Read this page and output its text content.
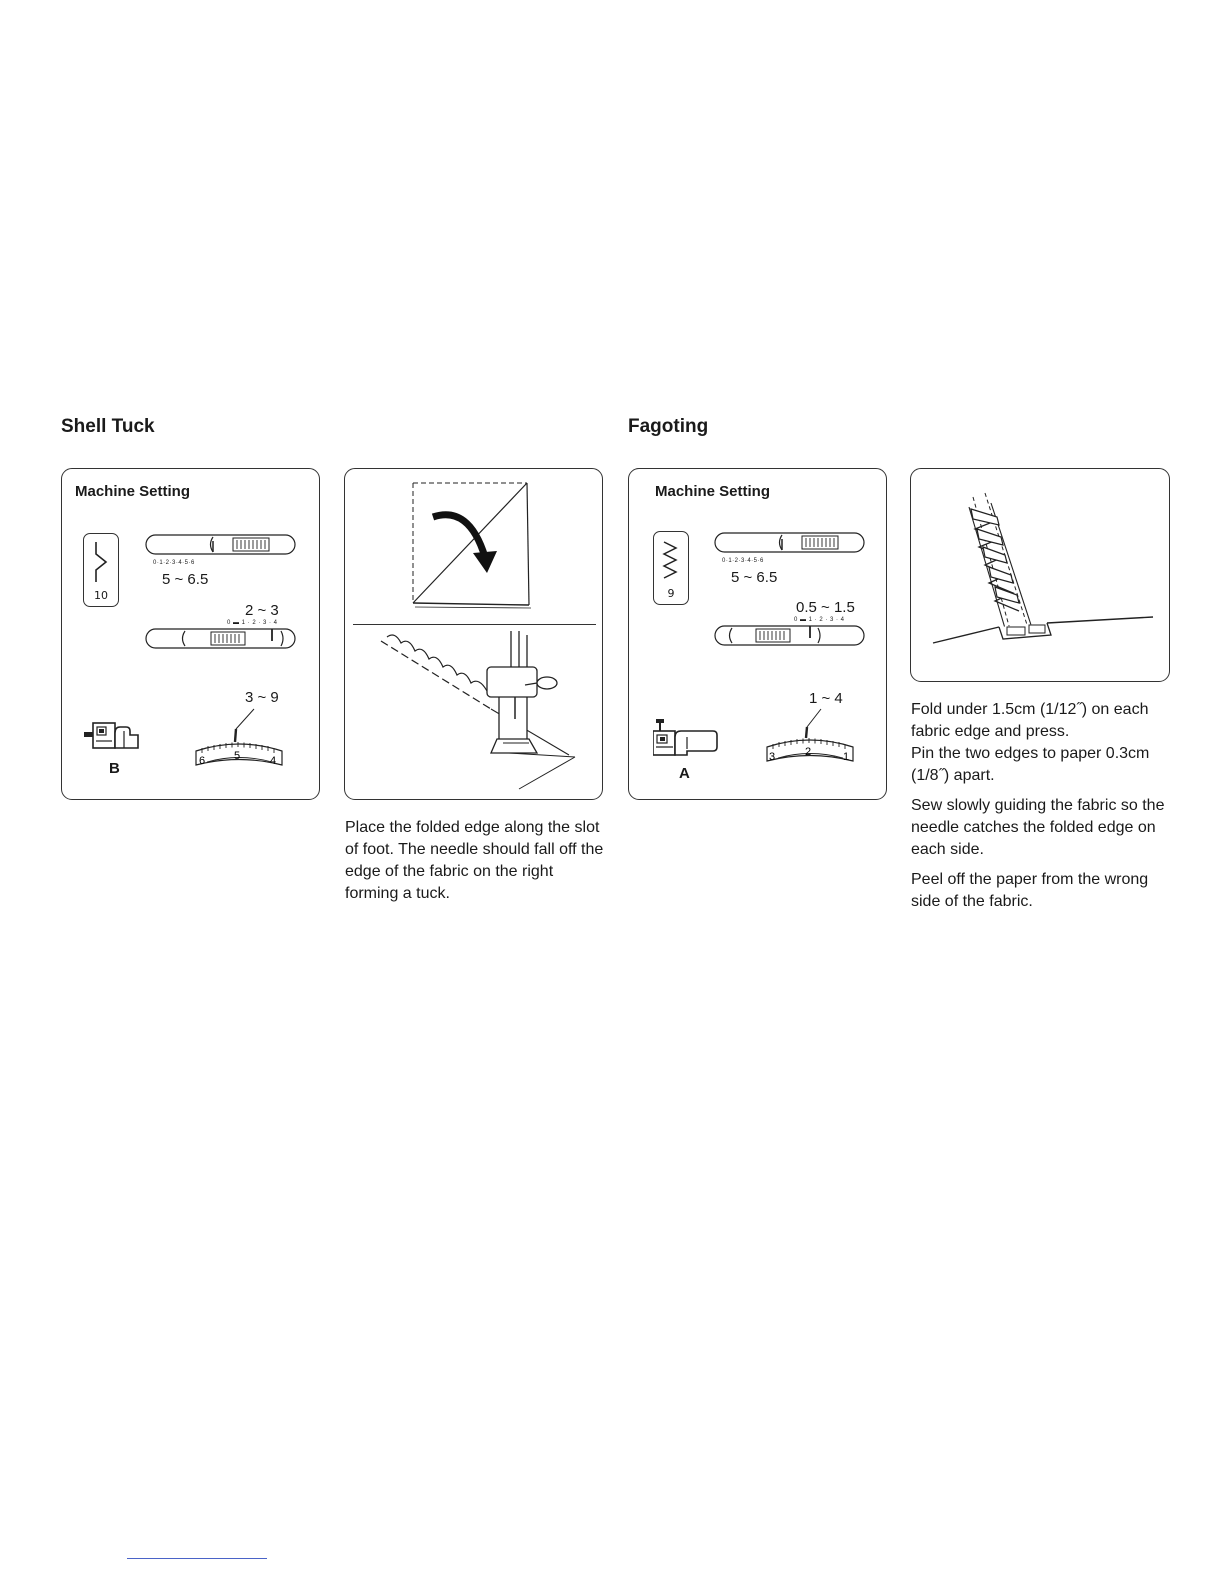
Shell Tuck
Machine Setting
10
0·1·2·3·4·5·6
5 ~ 6.5
2 ~ 3
0 ▬ 1 · 2 · 3 · 4
3 ~ 9
6	5	4
B
Place the folded edge along the slot of foot. The needle should fall off the edge of the fabric on the right forming a tuck.
Fagoting
Machine Setting
9
0·1·2·3·4·5·6
5 ~ 6.5
0.5 ~ 1.5
0 ▬ 1 · 2 · 3 · 4
1 ~ 4
3	2	1
A

Fold under 1.5cm (1/12˝) on each fabric edge and press.
Pin the two edges to paper 0.3cm (1/8˝) apart.

Sew slowly guiding the fabric so the needle catches the folded edge on each side.

Peel off the paper from the wrong side of the fabric.
